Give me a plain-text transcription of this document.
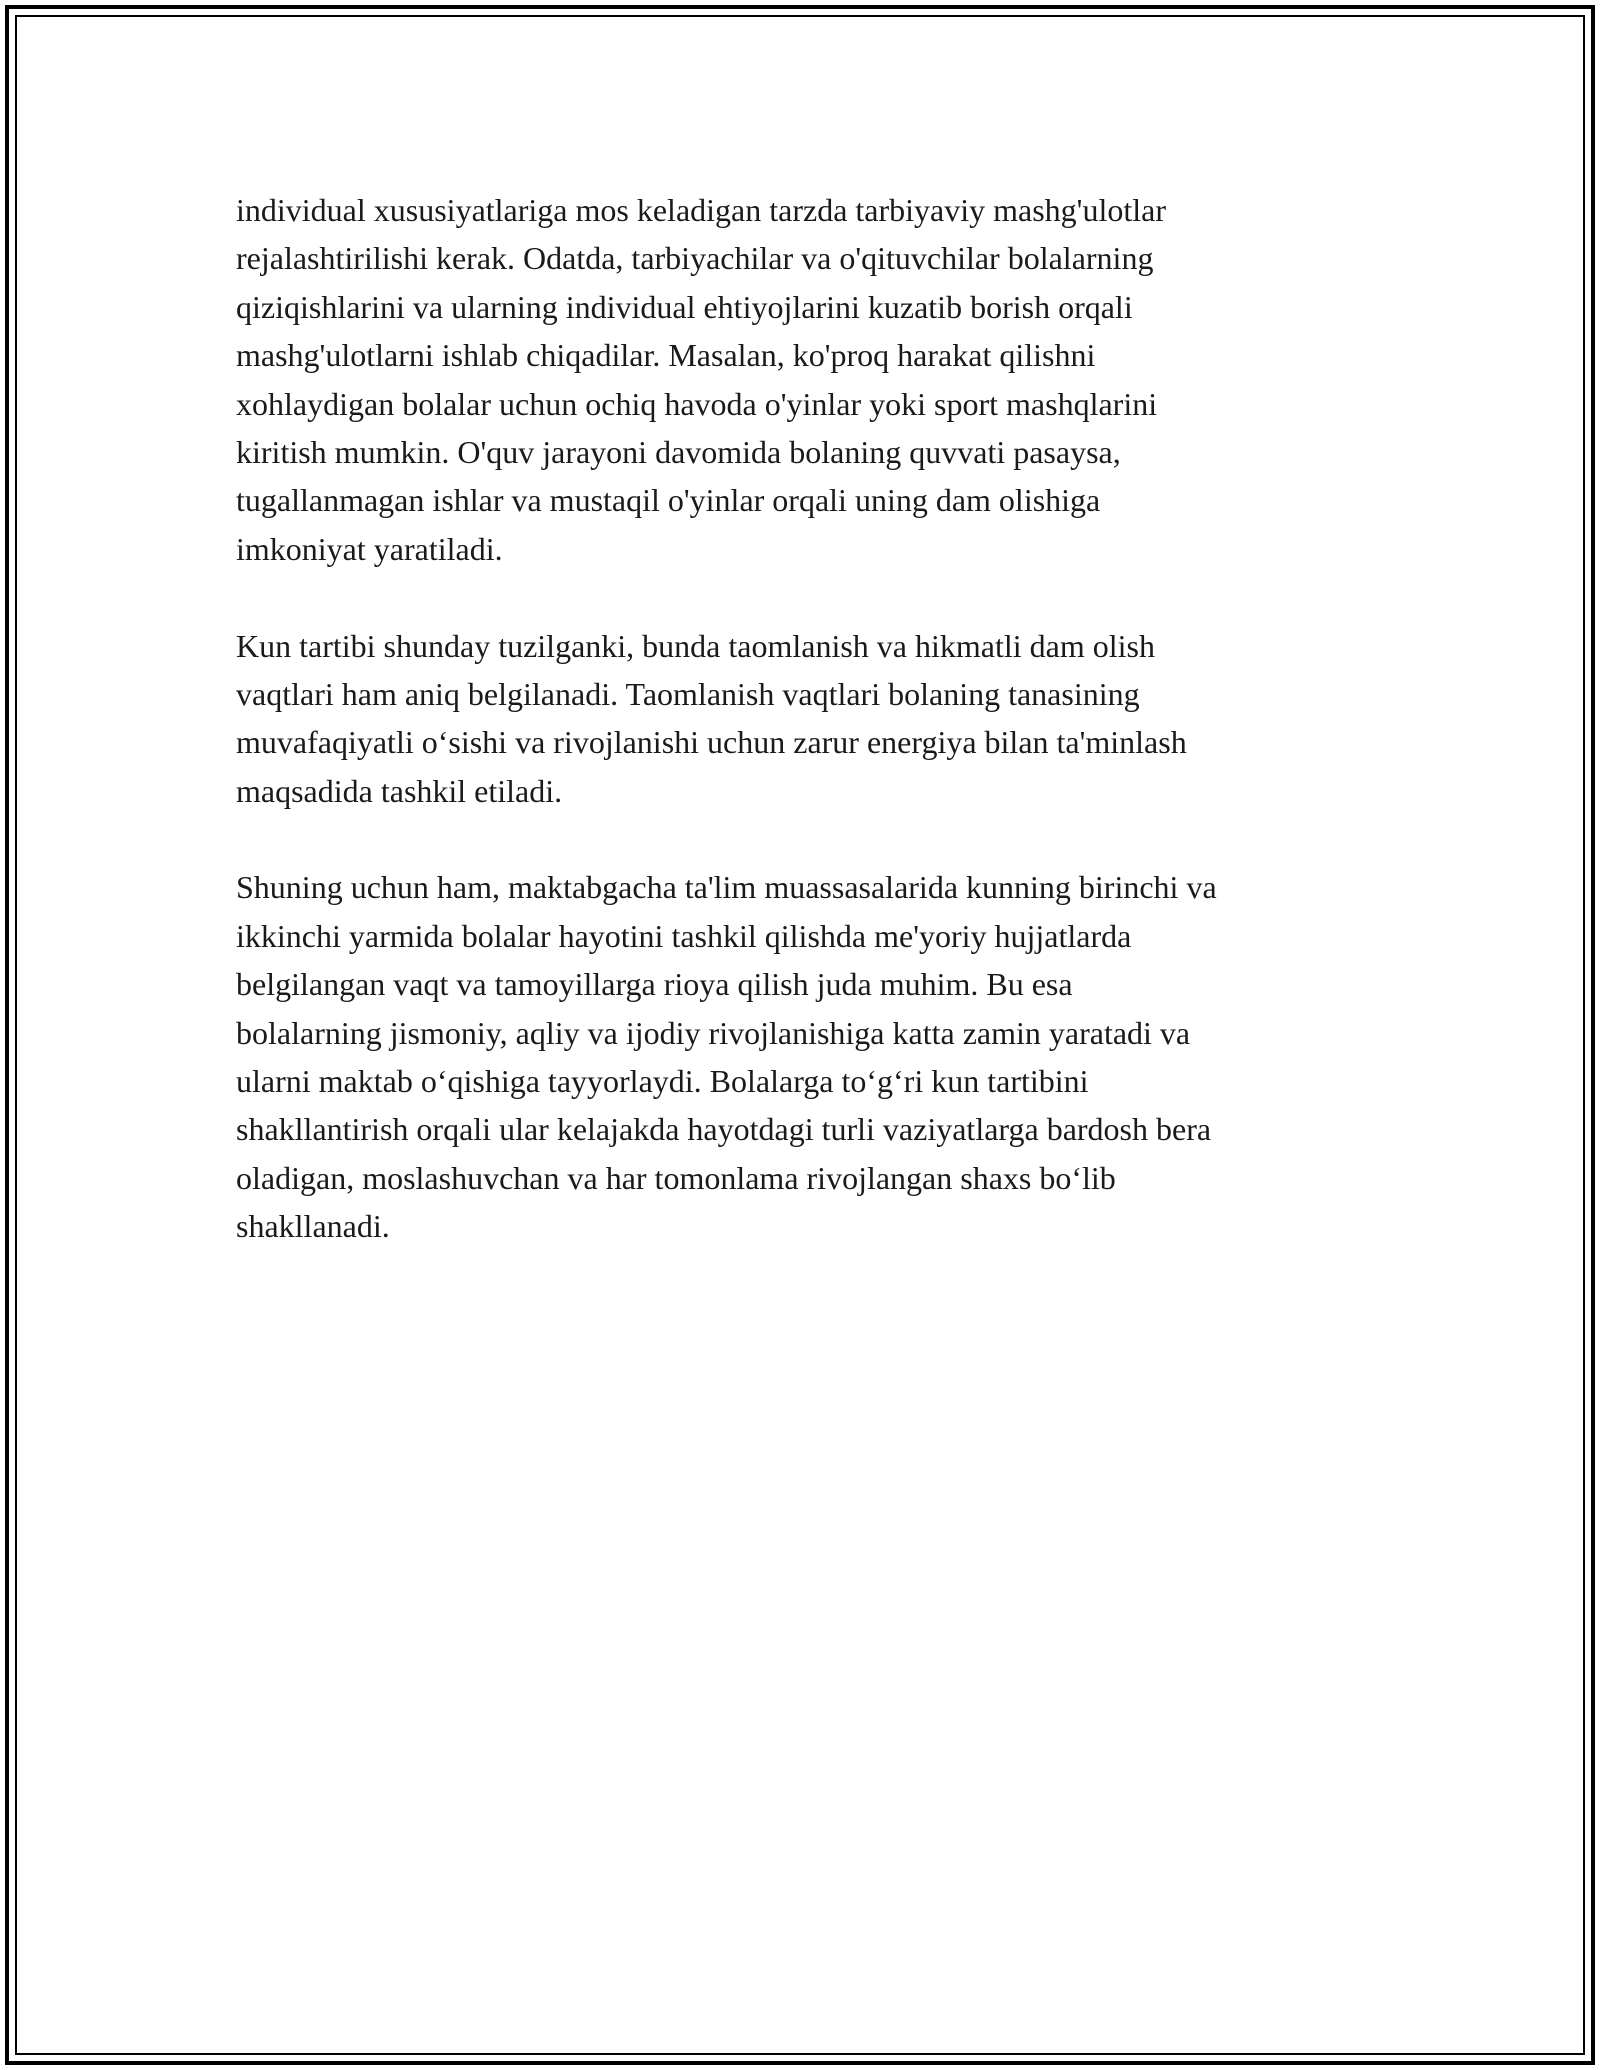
individual xususiyatlariga mos keladigan tarzda tarbiyaviy mashg'ulotlar
rejalashtirilishi kerak. Odatda, tarbiyachilar va o'qituvchilar bolalarning
qiziqishlarini va ularning individual ehtiyojlarini kuzatib borish orqali
mashg'ulotlarni ishlab chiqadilar. Masalan, ko'proq harakat qilishni
xohlaydigan bolalar uchun ochiq havoda o'yinlar yoki sport mashqlarini
kiritish mumkin. O'quv jarayoni davomida bolaning quvvati pasaysa,
tugallanmagan ishlar va mustaqil o'yinlar orqali uning dam olishiga
imkoniyat yaratiladi.
Kun tartibi shunday tuzilganki, bunda taomlanish va hikmatli dam olish
vaqtlari ham aniq belgilanadi. Taomlanish vaqtlari bolaning tanasining
muvafaqiyatli o‘sishi va rivojlanishi uchun zarur energiya bilan ta'minlash
maqsadida tashkil etiladi.
Shuning uchun ham, maktabgacha ta'lim muassasalarida kunning birinchi va
ikkinchi yarmida bolalar hayotini tashkil qilishda me'yoriy hujjatlarda
belgilangan vaqt va tamoyillarga rioya qilish juda muhim. Bu esa
bolalarning jismoniy, aqliy va ijodiy rivojlanishiga katta zamin yaratadi va
ularni maktab o‘qishiga tayyorlaydi. Bolalarga to‘g‘ri kun tartibini
shakllantirish orqali ular kelajakda hayotdagi turli vaziyatlarga bardosh bera
oladigan, moslashuvchan va har tomonlama rivojlangan shaxs bo‘lib
shakllanadi.
